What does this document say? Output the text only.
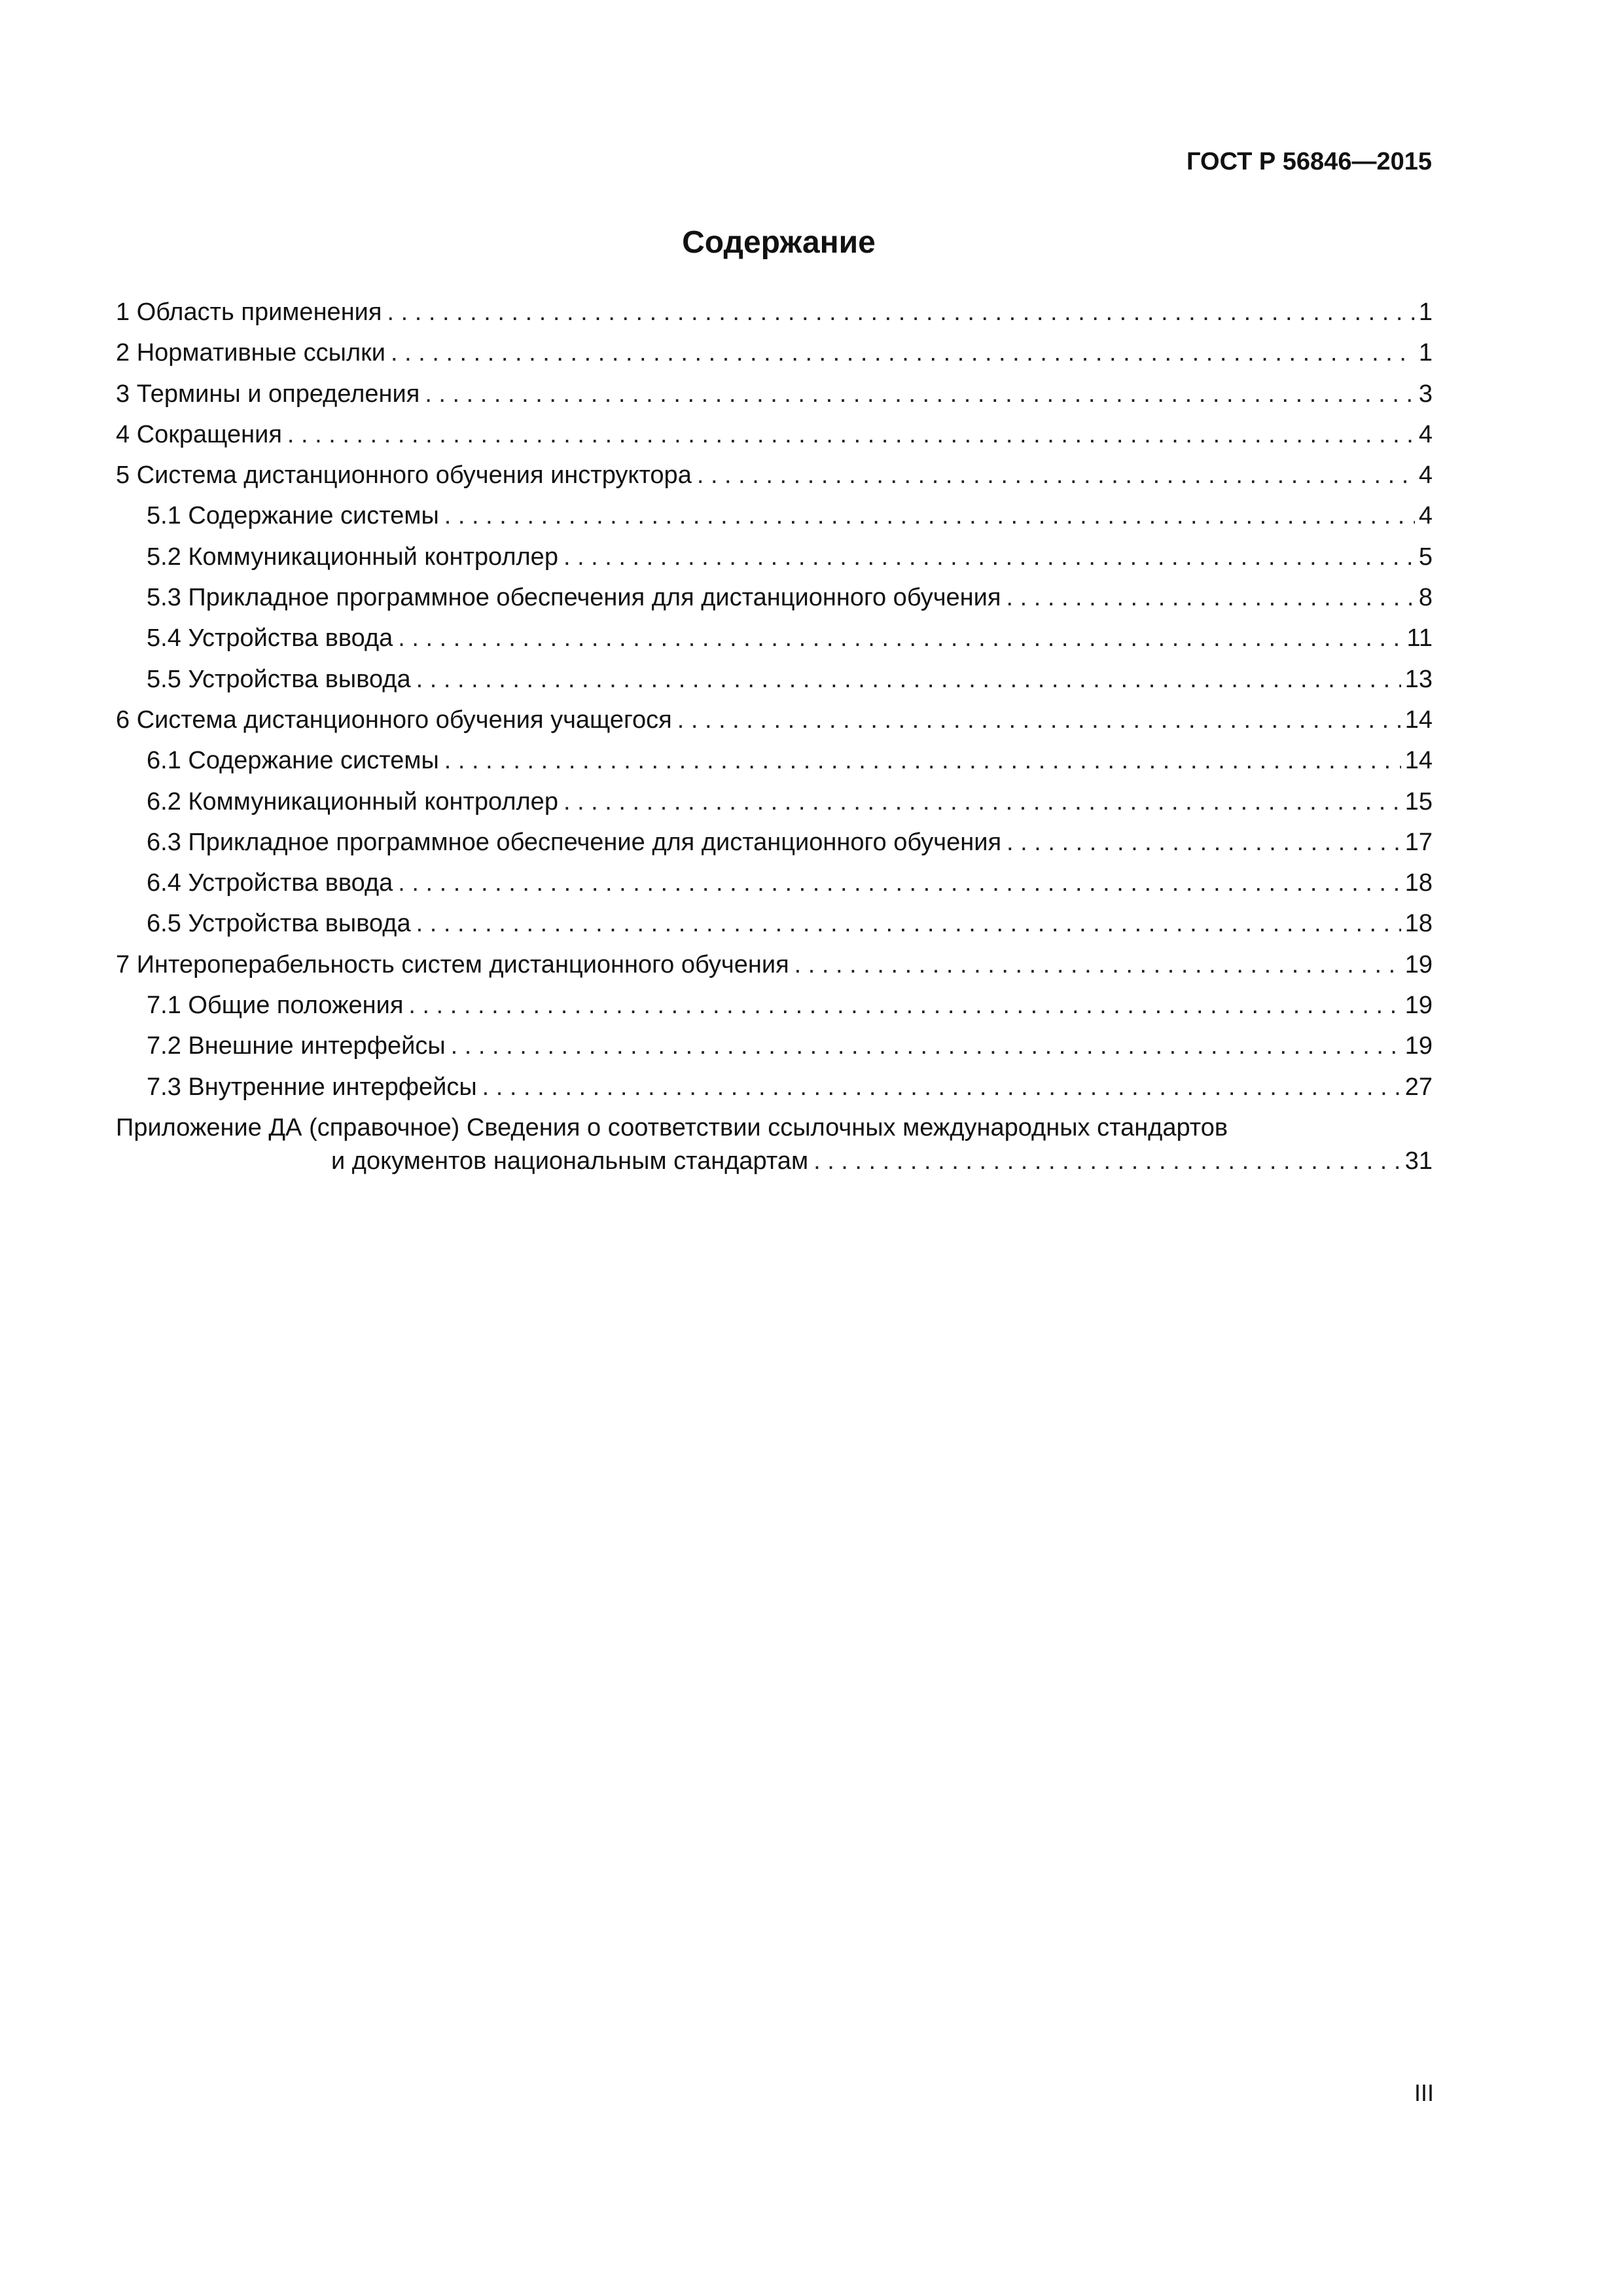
ГОСТ Р 56846—2015
Содержание
1 Область применения . . .	1
2 Нормативные ссылки . . .	1
3 Термины и определения . . .	3
4 Сокращения . . .	4
5 Система дистанционного обучения инструктора . . .	4
5.1 Содержание системы . . .	4
5.2 Коммуникационный контроллер . . .	5
5.3 Прикладное программное обеспечения для дистанционного обучения . . .	8
5.4 Устройства ввода . . .	11
5.5 Устройства вывода . . .	13
6 Система дистанционного обучения учащегося . . .	14
6.1 Содержание системы . . .	14
6.2 Коммуникационный контроллер . . .	15
6.3 Прикладное программное обеспечение для дистанционного обучения . . .	17
6.4 Устройства ввода . . .	18
6.5 Устройства вывода . . .	18
7 Интероперабельность систем дистанционного обучения . . .	19
7.1 Общие положения . . .	19
7.2 Внешние интерфейсы . . .	19
7.3 Внутренние интерфейсы . . .	27
Приложение ДА (справочное) Сведения о соответствии ссылочных международных стандартов
и документов национальным стандартам . . .	31
III
